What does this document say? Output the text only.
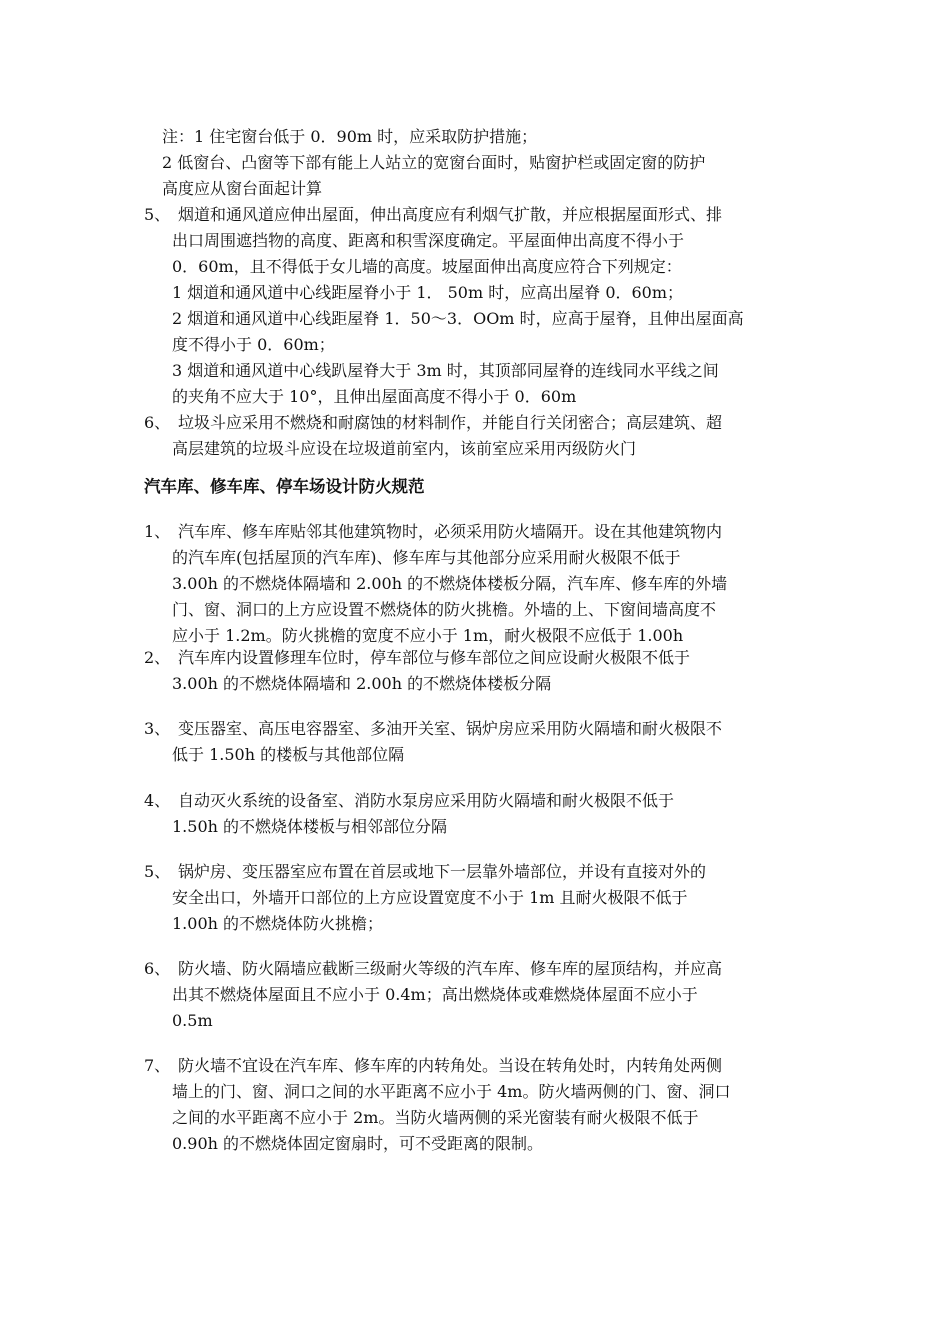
注：1 住宅窗台低于 0．90m 时，应采取防护措施；
2 低窗台、凸窗等下部有能上人站立的宽窗台面时，贴窗护栏或固定窗的防护
高度应从窗台面起计算
5、 烟道和通风道应伸出屋面，伸出高度应有利烟气扩散，并应根据屋面形式、排
出口周围遮挡物的高度、距离和积雪深度确定。平屋面伸出高度不得小于
0．60m，且不得低于女儿墙的高度。坡屋面伸出高度应符合下列规定：
1 烟道和通风道中心线距屋脊小于 1． 50m 时，应高出屋脊 0．60m；
2 烟道和通风道中心线距屋脊 1．50～3．OOm 时，应高于屋脊，且伸出屋面高
度不得小于 0．60m；
3 烟道和通风道中心线趴屋脊大于 3m 时，其顶部同屋脊的连线同水平线之间
的夹角不应大于 10°，且伸出屋面高度不得小于 0．60m
6、 垃圾斗应采用不燃烧和耐腐蚀的材料制作，并能自行关闭密合；高层建筑、超
高层建筑的垃圾斗应设在垃圾道前室内，该前室应采用丙级防火门
汽车库、修车库、停车场设计防火规范
1、 汽车库、修车库贴邻其他建筑物时，必须采用防火墙隔开。设在其他建筑物内
的汽车库(包括屋顶的汽车库)、修车库与其他部分应采用耐火极限不低于
3.00h 的不燃烧体隔墙和 2.00h 的不燃烧体楼板分隔，汽车库、修车库的外墙
门、窗、洞口的上方应设置不燃烧体的防火挑檐。外墙的上、下窗间墙高度不
应小于 1.2m。防火挑檐的宽度不应小于 1m，耐火极限不应低于 1.00h
2、 汽车库内设置修理车位时，停车部位与修车部位之间应设耐火极限不低于
3.00h 的不燃烧体隔墙和 2.00h 的不燃烧体楼板分隔
3、 变压器室、高压电容器室、多油开关室、锅炉房应采用防火隔墙和耐火极限不
低于 1.50h 的楼板与其他部位隔
4、 自动灭火系统的设备室、消防水泵房应采用防火隔墙和耐火极限不低于
1.50h 的不燃烧体楼板与相邻部位分隔
5、 锅炉房、变压器室应布置在首层或地下一层靠外墙部位，并设有直接对外的
安全出口，外墙开口部位的上方应设置宽度不小于 1m 且耐火极限不低于
1.00h 的不燃烧体防火挑檐；
6、 防火墙、防火隔墙应截断三级耐火等级的汽车库、修车库的屋顶结构，并应高
出其不燃烧体屋面且不应小于 0.4m；高出燃烧体或难燃烧体屋面不应小于
0.5m
7、 防火墙不宜设在汽车库、修车库的内转角处。当设在转角处时，内转角处两侧
墙上的门、窗、洞口之间的水平距离不应小于 4m。防火墙两侧的门、窗、洞口
之间的水平距离不应小于 2m。当防火墙两侧的采光窗装有耐火极限不低于
0.90h 的不燃烧体固定窗扇时，可不受距离的限制。
